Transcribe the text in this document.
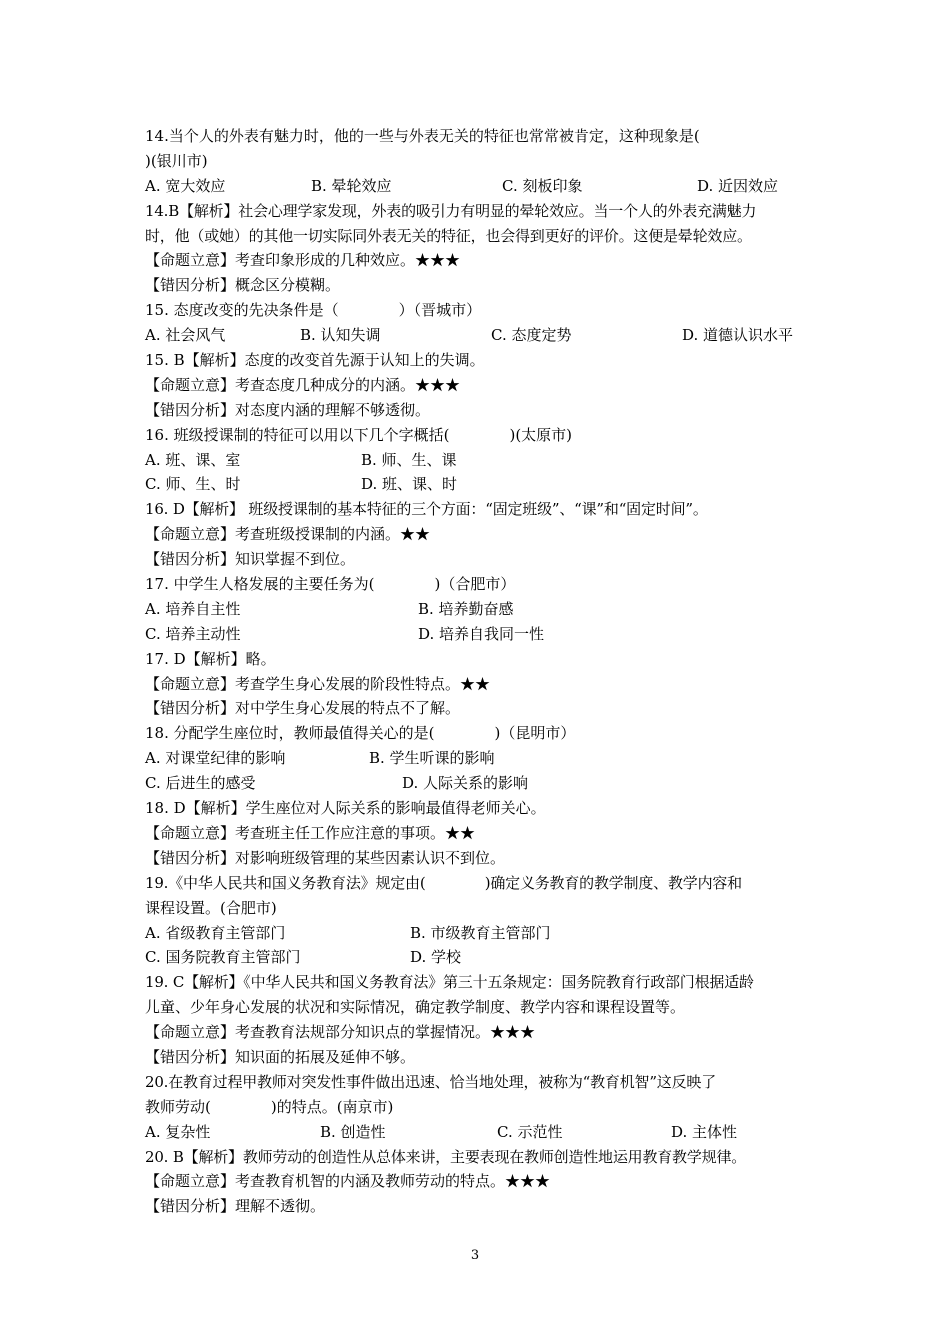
14.当个人的外表有魅力时，他的一些与外表无关的特征也常常被肯定，这种现象是(
)(银川市)
A. 宽大效应	B. 晕轮效应	C. 刻板印象	D. 近因效应
14.B【解析】社会心理学家发现，外表的吸引力有明显的晕轮效应。当一个人的外表充满魅力
时，他（或她）的其他一切实际同外表无关的特征，也会得到更好的评价。这便是晕轮效应。
【命题立意】考查印象形成的几种效应。★★★
【错因分析】概念区分模糊。
15. 态度改变的先决条件是（　　　　）（晋城市）
A. 社会风气	B. 认知失调	C. 态度定势	D. 道德认识水平
15. B【解析】态度的改变首先源于认知上的失调。
【命题立意】考查态度几种成分的内涵。★★★
【错因分析】对态度内涵的理解不够透彻。
16. 班级授课制的特征可以用以下几个字概括(　　　　)(太原市)
A. 班、课、室	B. 师、生、课
C. 师、生、时	D. 班、课、时
16. D【解析】 班级授课制的基本特征的三个方面：“固定班级”、“课”和“固定时间”。
【命题立意】考查班级授课制的内涵。★★
【错因分析】知识掌握不到位。
17. 中学生人格发展的主要任务为(　　　　)（合肥市）
A. 培养自主性	B. 培养勤奋感
C. 培养主动性	D. 培养自我同一性
17. D【解析】略。
【命题立意】考查学生身心发展的阶段性特点。★★
【错因分析】对中学生身心发展的特点不了解。
18. 分配学生座位时，教师最值得关心的是(　　　　)（昆明市）
A. 对课堂纪律的影响	B. 学生听课的影响
C. 后进生的感受	D. 人际关系的影响
18. D【解析】学生座位对人际关系的影响最值得老师关心。
【命题立意】考查班主任工作应注意的事项。★★
【错因分析】对影响班级管理的某些因素认识不到位。
19.《中华人民共和国义务教育法》规定由(　　　　)确定义务教育的教学制度、教学内容和
课程设置。(合肥市)
A. 省级教育主管部门	B. 市级教育主管部门
C. 国务院教育主管部门	D. 学校
19. C【解析】《中华人民共和国义务教育法》第三十五条规定：国务院教育行政部门根据适龄
儿童、少年身心发展的状况和实际情况，确定教学制度、教学内容和课程设置等。
【命题立意】考查教育法规部分知识点的掌握情况。★★★
【错因分析】知识面的拓展及延伸不够。
20.在教育过程甲教师对突发性事件做出迅速、恰当地处理，被称为“教育机智”这反映了
教师劳动(　　　　)的特点。(南京市)
A. 复杂性	B. 创造性	C. 示范性	D. 主体性
20. B【解析】教师劳动的创造性从总体来讲，主要表现在教师创造性地运用教育教学规律。
【命题立意】考查教育机智的内涵及教师劳动的特点。★★★
【错因分析】理解不透彻。
3
